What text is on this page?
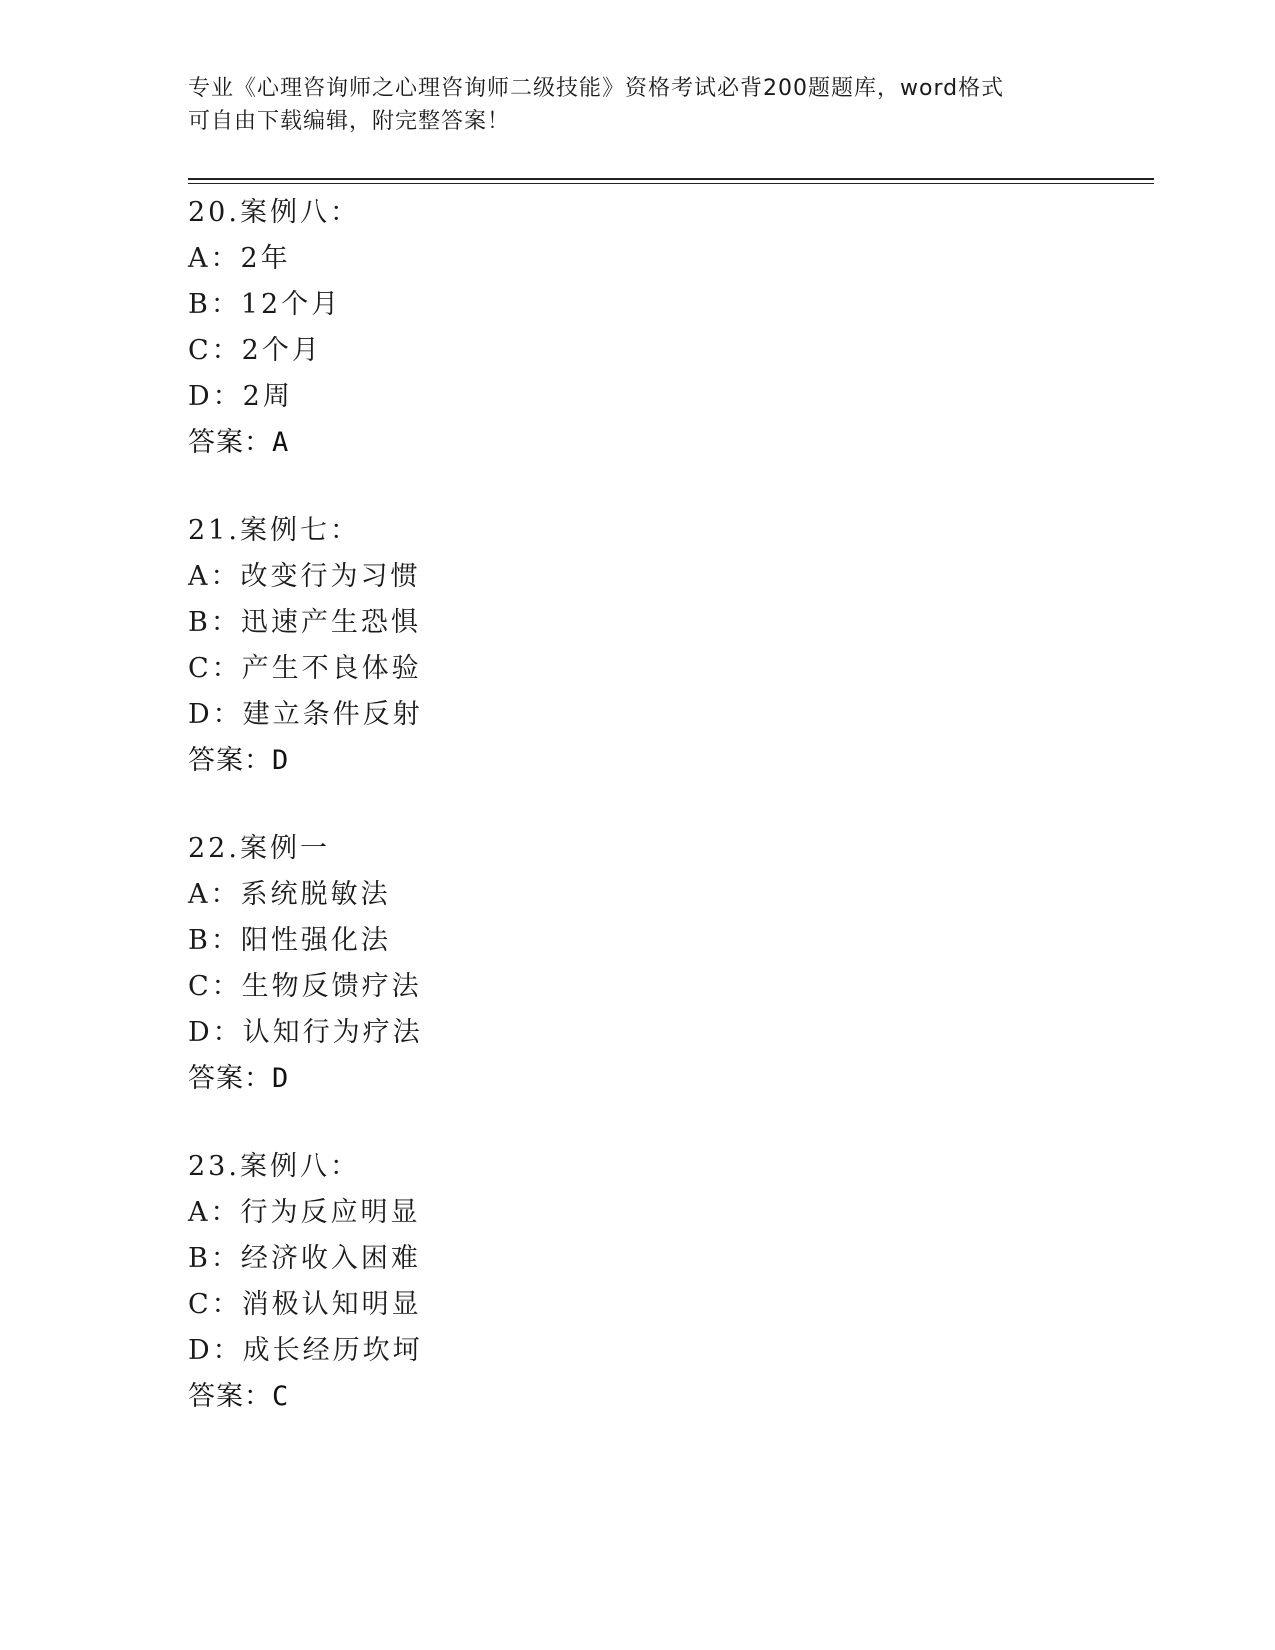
专业《心理咨询师之心理咨询师二级技能》资格考试必背200题题库，word格式
可自由下载编辑，附完整答案！
20.案例八：
A：2年
B：12个月
C：2个月
D：2周
答案：A
21.案例七：
A：改变行为习惯
B：迅速产生恐惧
C：产生不良体验
D：建立条件反射
答案：D
22.案例一
A：系统脱敏法
B：阳性强化法
C：生物反馈疗法
D：认知行为疗法
答案：D
23.案例八：
A：行为反应明显
B：经济收入困难
C：消极认知明显
D：成长经历坎坷
答案：C
